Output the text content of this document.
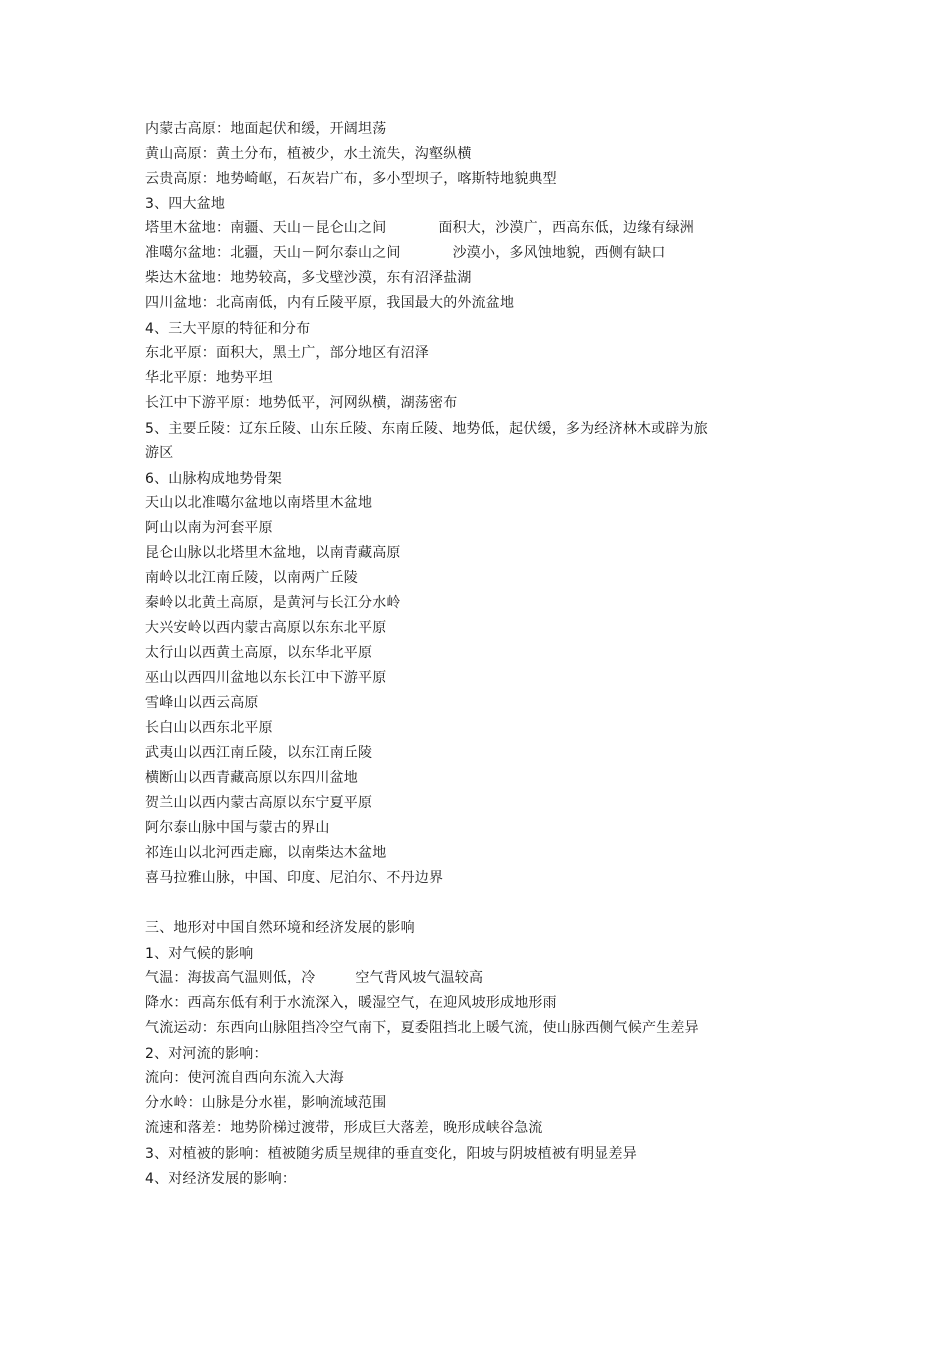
内蒙古高原：地面起伏和缓，开阔坦荡
黄山高原：黄土分布，植被少，水土流失，沟壑纵横
云贵高原：地势崎岖，石灰岩广布，多小型坝子，喀斯特地貌典型
3、四大盆地
塔里木盆地：南疆、天山－昆仑山之间	面积大，沙漠广，西高东低，边缘有绿洲
准噶尔盆地：北疆，天山－阿尔泰山之间	沙漠小，多风蚀地貌，西侧有缺口
柴达木盆地：地势较高，多戈壁沙漠，东有沼泽盐湖
四川盆地：北高南低，内有丘陵平原，我国最大的外流盆地
4、三大平原的特征和分布
东北平原：面积大，黑土广，部分地区有沼泽
华北平原：地势平坦
长江中下游平原：地势低平，河网纵横，湖荡密布
5、主要丘陵：辽东丘陵、山东丘陵、东南丘陵、地势低，起伏缓，多为经济林木或辟为旅
游区
6、山脉构成地势骨架
天山以北准噶尔盆地以南塔里木盆地
阿山以南为河套平原
昆仑山脉以北塔里木盆地，以南青藏高原
南岭以北江南丘陵，以南两广丘陵
秦岭以北黄土高原，是黄河与长江分水岭
大兴安岭以西内蒙古高原以东东北平原
太行山以西黄土高原，以东华北平原
巫山以西四川盆地以东长江中下游平原
雪峰山以西云高原
长白山以西东北平原
武夷山以西江南丘陵，以东江南丘陵
横断山以西青藏高原以东四川盆地
贺兰山以西内蒙古高原以东宁夏平原
阿尔泰山脉中国与蒙古的界山
祁连山以北河西走廊，以南柴达木盆地
喜马拉雅山脉，中国、印度、尼泊尔、不丹边界
三、地形对中国自然环境和经济发展的影响
1、对气候的影响
气温：海拔高气温则低，冷	空气背风坡气温较高
降水：西高东低有利于水流深入，暖湿空气，在迎风坡形成地形雨
气流运动：东西向山脉阻挡冷空气南下，夏委阻挡北上暖气流，使山脉西侧气候产生差异
2、对河流的影响：
流向：使河流自西向东流入大海
分水岭：山脉是分水崔，影响流域范围
流速和落差：地势阶梯过渡带，形成巨大落差，晚形成峡谷急流
3、对植被的影响：植被随劣质呈规律的垂直变化，阳坡与阴坡植被有明显差异
4、对经济发展的影响：
